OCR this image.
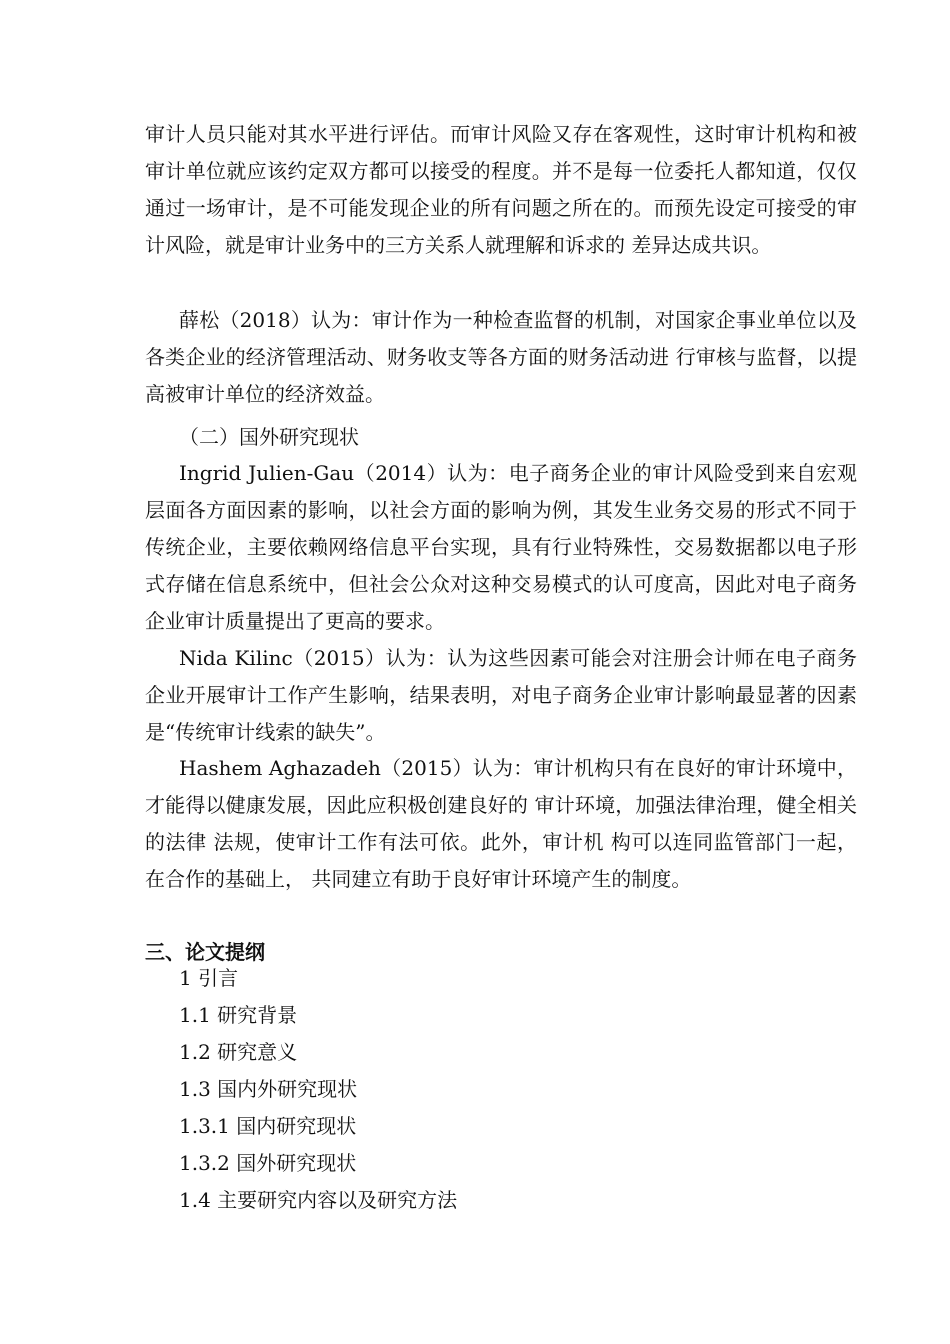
审计人员只能对其水平进行评估。而审计风险又存在客观性，这时审计机构和被审计单位就应该约定双方都可以接受的程度。并不是每一位委托人都知道，仅仅通过一场审计，是不可能发现企业的所有问题之所在的。而预先设定可接受的审计风险，就是审计业务中的三方关系人就理解和诉求的 差异达成共识。

薛松（2018）认为：审计作为一种检查监督的机制，对国家企事业单位以及 各类企业的经济管理活动、财务收支等各方面的财务活动进 行审核与监督，以提高被审计单位的经济效益。

（二）国外研究现状

Ingrid Julien-Gau（2014）认为：电子商务企业的审计风险受到来自宏观层面各方面因素的影响，以社会方面的影响为例，其发生业务交易的形式不同于传统企业，主要依赖网络信息平台实现，具有行业特殊性，交易数据都以电子形式存储在信息系统中，但社会公众对这种交易模式的认可度高，因此对电子商务企业审计质量提出了更高的要求。

Nida Kilinc（2015）认为：认为这些因素可能会对注册会计师在电子商务企业开展审计工作产生影响，结果表明，对电子商务企业审计影响最显著的因素是“传统审计线索的缺失”。

Hashem Aghazadeh（2015）认为：审计机构只有在良好的审计环境中， 才能得以健康发展，因此应积极创建良好的 审计环境，加强法律治理，健全相关的法律 法规，使审计工作有法可依。此外，审计机 构可以连同监管部门一起，在合作的基础上， 共同建立有助于良好审计环境产生的制度。

三、论文提纲
1 引言
1.1 研究背景
1.2 研究意义
1.3 国内外研究现状
1.3.1 国内研究现状
1.3.2 国外研究现状
1.4 主要研究内容以及研究方法
